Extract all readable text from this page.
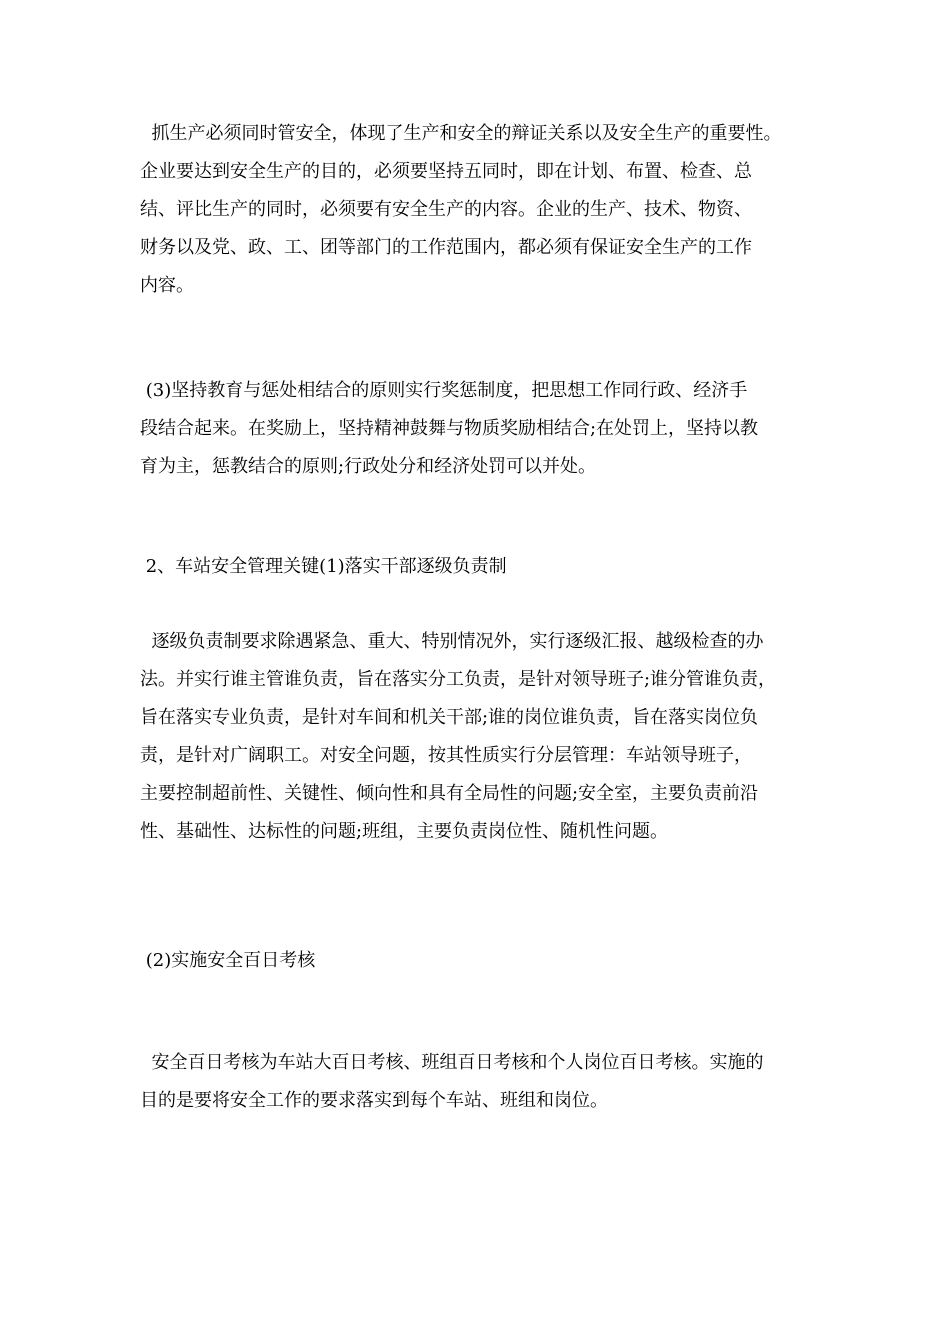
抓生产必须同时管安全，体现了生产和安全的辩证关系以及安全生产的重要性。
企业要达到安全生产的目的，必须要坚持五同时，即在计划、布置、检查、总
结、评比生产的同时，必须要有安全生产的内容。企业的生产、技术、物资、
财务以及党、政、工、团等部门的工作范围内，都必须有保证安全生产的工作
内容。
(3)坚持教育与惩处相结合的原则实行奖惩制度，把思想工作同行政、经济手
段结合起来。在奖励上，坚持精神鼓舞与物质奖励相结合;在处罚上，坚持以教
育为主，惩教结合的原则;行政处分和经济处罚可以并处。
2、车站安全管理关键(1)落实干部逐级负责制
逐级负责制要求除遇紧急、重大、特别情况外，实行逐级汇报、越级检查的办
法。并实行谁主管谁负责，旨在落实分工负责，是针对领导班子;谁分管谁负责，
旨在落实专业负责，是针对车间和机关干部;谁的岗位谁负责，旨在落实岗位负
责，是针对广阔职工。对安全问题，按其性质实行分层管理：车站领导班子，
主要控制超前性、关键性、倾向性和具有全局性的问题;安全室，主要负责前沿
性、基础性、达标性的问题;班组，主要负责岗位性、随机性问题。
(2)实施安全百日考核
安全百日考核为车站大百日考核、班组百日考核和个人岗位百日考核。实施的
目的是要将安全工作的要求落实到每个车站、班组和岗位。
